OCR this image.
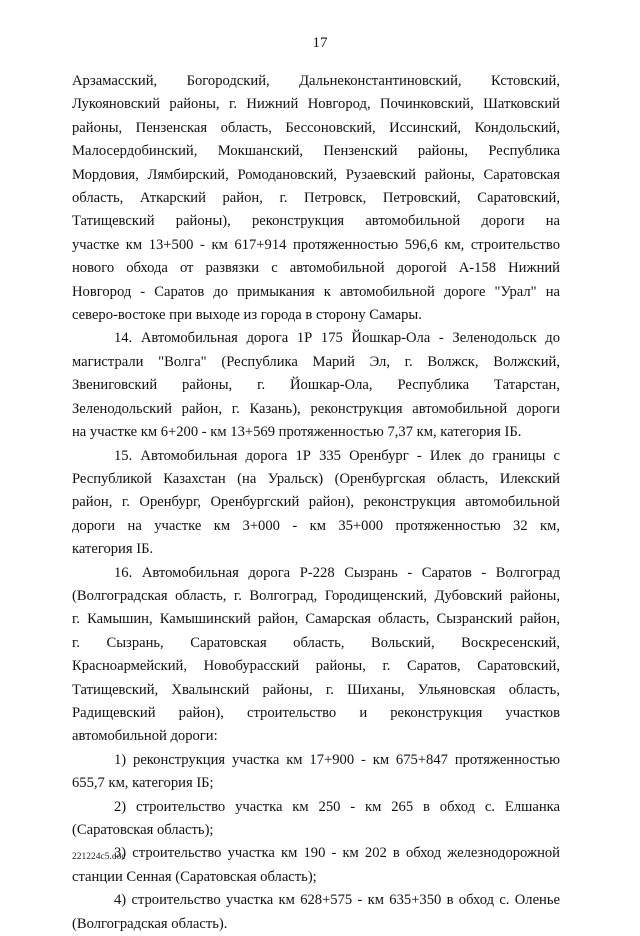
17
Арзамасский, Богородский, Дальнеконстантиновский, Кстовский,
Лукояновский районы, г. Нижний Новгород, Починковский, Шатковский
районы, Пензенская область, Бессоновский, Иссинский, Кондольский,
Малосердобинский, Мокшанский, Пензенский районы, Республика
Мордовия, Лямбирский, Ромодановский, Рузаевский районы, Саратовская
область, Аткарский район, г. Петровск, Петровский, Саратовский,
Татищевский районы), реконструкция автомобильной дороги на
участке км 13+500 - км 617+914 протяженностью 596,6 км, строительство
нового обхода от развязки с автомобильной дорогой А-158 Нижний
Новгород - Саратов до примыкания к автомобильной дороге "Урал" на
северо-востоке при выходе из города в сторону Самары.
14. Автомобильная дорога 1Р 175 Йошкар-Ола - Зеленодольск до
магистрали "Волга" (Республика Марий Эл, г. Волжск, Волжский,
Звениговский районы, г. Йошкар-Ола, Республика Татарстан,
Зеленодольский район, г. Казань), реконструкция автомобильной дороги
на участке км 6+200 - км 13+569 протяженностью 7,37 км, категория IБ.
15. Автомобильная дорога 1Р 335 Оренбург - Илек до границы с
Республикой Казахстан (на Уральск) (Оренбургская область, Илекский
район, г. Оренбург, Оренбургский район), реконструкция автомобильной
дороги на участке км 3+000 - км 35+000 протяженностью 32 км,
категория IБ.
16. Автомобильная дорога Р-228 Сызрань - Саратов - Волгоград
(Волгоградская область, г. Волгоград, Городищенский, Дубовский районы,
г. Камышин, Камышинский район, Самарская область, Сызранский район,
г. Сызрань, Саратовская область, Вольский, Воскресенский,
Красноармейский, Новобурасский районы, г. Саратов, Саратовский,
Татищевский, Хвалынский районы, г. Шиханы, Ульяновская область,
Радищевский район), строительство и реконструкция участков
автомобильной дороги:
1) реконструкция участка км 17+900 - км 675+847 протяженностью
655,7 км, категория IБ;
2) строительство участка км 250 - км 265 в обход с. Елшанка
(Саратовская область);
3) строительство участка км 190 - км 202 в обход железнодорожной
станции Сенная (Саратовская область);
4) строительство участка км 628+575 - км 635+350 в обход с. Оленье
(Волгоградская область).
221224c5.doc
